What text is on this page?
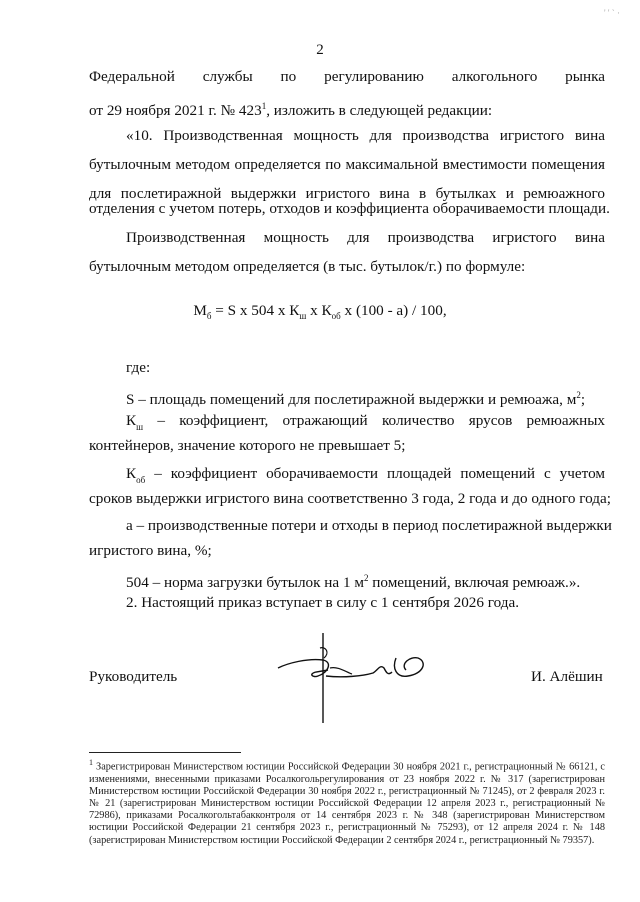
' ' ` ·
2
Федеральной службы по регулированию алкогольного рынка
от 29 ноября 2021 г. № $423^1$, изложить в следующей редакции:
«10. Производственная мощность для производства игристого вина
бутылочным методом определяется по максимальной вместимости помещения
для послетиражной выдержки игристого вина в бутылках и ремюажного
отделения с учетом потерь, отходов и коэффициента оборачиваемости площади.
Производственная мощность для производства игристого вина
бутылочным методом определяется (в тыс. бутылок/г.) по формуле:
$М_б = S$ х 504 х $К_ш$ х $К_{об}$ х (100 - а) / 100,
где:
S – площадь помещений для послетиражной выдержки и ремюажа, $м^2$;
К ш – коэффициент, отражающий количество ярусов ремюажных
контейнеров, значение которого не превышает 5;
К об – коэффициент оборачиваемости площадей помещений с учетом
сроков выдержки игристого вина соответственно 3 года, 2 года и до одного года;
а – производственные потери и отходы в период послетиражной выдержки
игристого вина, %;
504 – норма загрузки бутылок на 1 $м^2$ помещений, включая ремюаж.».
2. Настоящий приказ вступает в силу с 1 сентября 2026 года.
Руководитель	И. Алёшин
$^1$ Зарегистрирован Министерством юстиции Российской Федерации 30 ноября 2021 г., регистрационный № 66121, с изменениями, внесенными приказами Росалкогольрегулирования от 23 ноября 2022 г. № 317 (зарегистрирован Министерством юстиции Российской Федерации 30 ноября 2022 г., регистрационный № 71245), от 2 февраля 2023 г. № 21 (зарегистрирован Министерством юстиции Российской Федерации 12 апреля 2023 г., регистрационный № 72986), приказами Росалкогольтабакконтроля от 14 сентября 2023 г. № 348 (зарегистрирован Министерством юстиции Российской Федерации 21 сентября 2023 г., регистрационный № 75293), от 12 апреля 2024 г. № 148 (зарегистрирован Министерством юстиции Российской Федерации 2 сентября 2024 г., регистрационный № 79357).
